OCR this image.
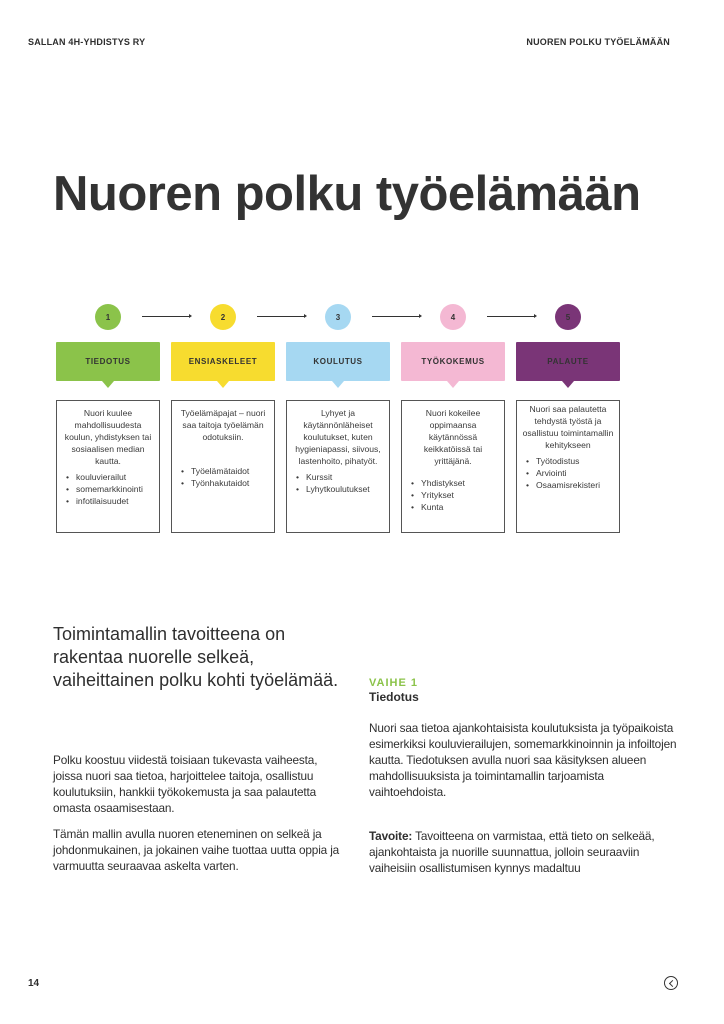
SALLAN 4H-YHDISTYS RY	NUOREN POLKU TYÖELÄMÄÄN
Nuoren polku työelämään
1	2	3	4	5
TIEDOTUS	ENSIASKELEET	KOULUTUS	TYÖKOKEMUS	PALAUTE
Nuori kuulee mahdollisuudesta koulun, yhdistyksen tai sosiaalisen median kautta.
• kouluvierailut
• somemarkkinointi
• infotilaisuudet
Työelämäpajat – nuori saa taitoja työelämän odotuksiin.
• Työelämätaidot
• Työnhakutaidot
Lyhyet ja käytännönläheiset koulutukset, kuten hygieniapassi, siivous, lastenhoito, pihatyöt.
• Kurssit
• Lyhytkoulutukset
Nuori kokeilee oppimaansa käytännössä keikkatöissä tai yrittäjänä.
• Yhdistykset
• Yritykset
• Kunta
Nuori saa palautetta tehdystä työstä ja osallistuu toimintamallin kehitykseen
• Työtodistus
• Arviointi
• Osaamisrekisteri

Toimintamallin tavoitteena on rakentaa nuorelle selkeä, vaiheittainen polku kohti työelämää.

Polku koostuu viidestä toisiaan tukevasta vaiheesta, joissa nuori saa tietoa, harjoittelee taitoja, osallistuu koulutuksiin, hankkii työkokemusta ja saa palautetta omasta osaamisestaan.

Tämän mallin avulla nuoren eteneminen on selkeä ja johdonmukainen, ja jokainen vaihe tuottaa uutta oppia ja varmuutta seuraavaa askelta varten.

VAIHE 1
Tiedotus

Nuori saa tietoa ajankohtaisista koulutuksista ja työpaikoista esimerkiksi kouluvierailujen, somemarkkinoinnin ja infoiltojen kautta. Tiedotuksen avulla nuori saa käsityksen alueen mahdollisuuksista ja toimintamallin tarjoamista vaihtoehdoista.

Tavoite: Tavoitteena on varmistaa, että tieto on selkeää, ajankohtaista ja nuorille suunnattua, jolloin seuraaviin vaiheisiin osallistumisen kynnys madaltuu

14
